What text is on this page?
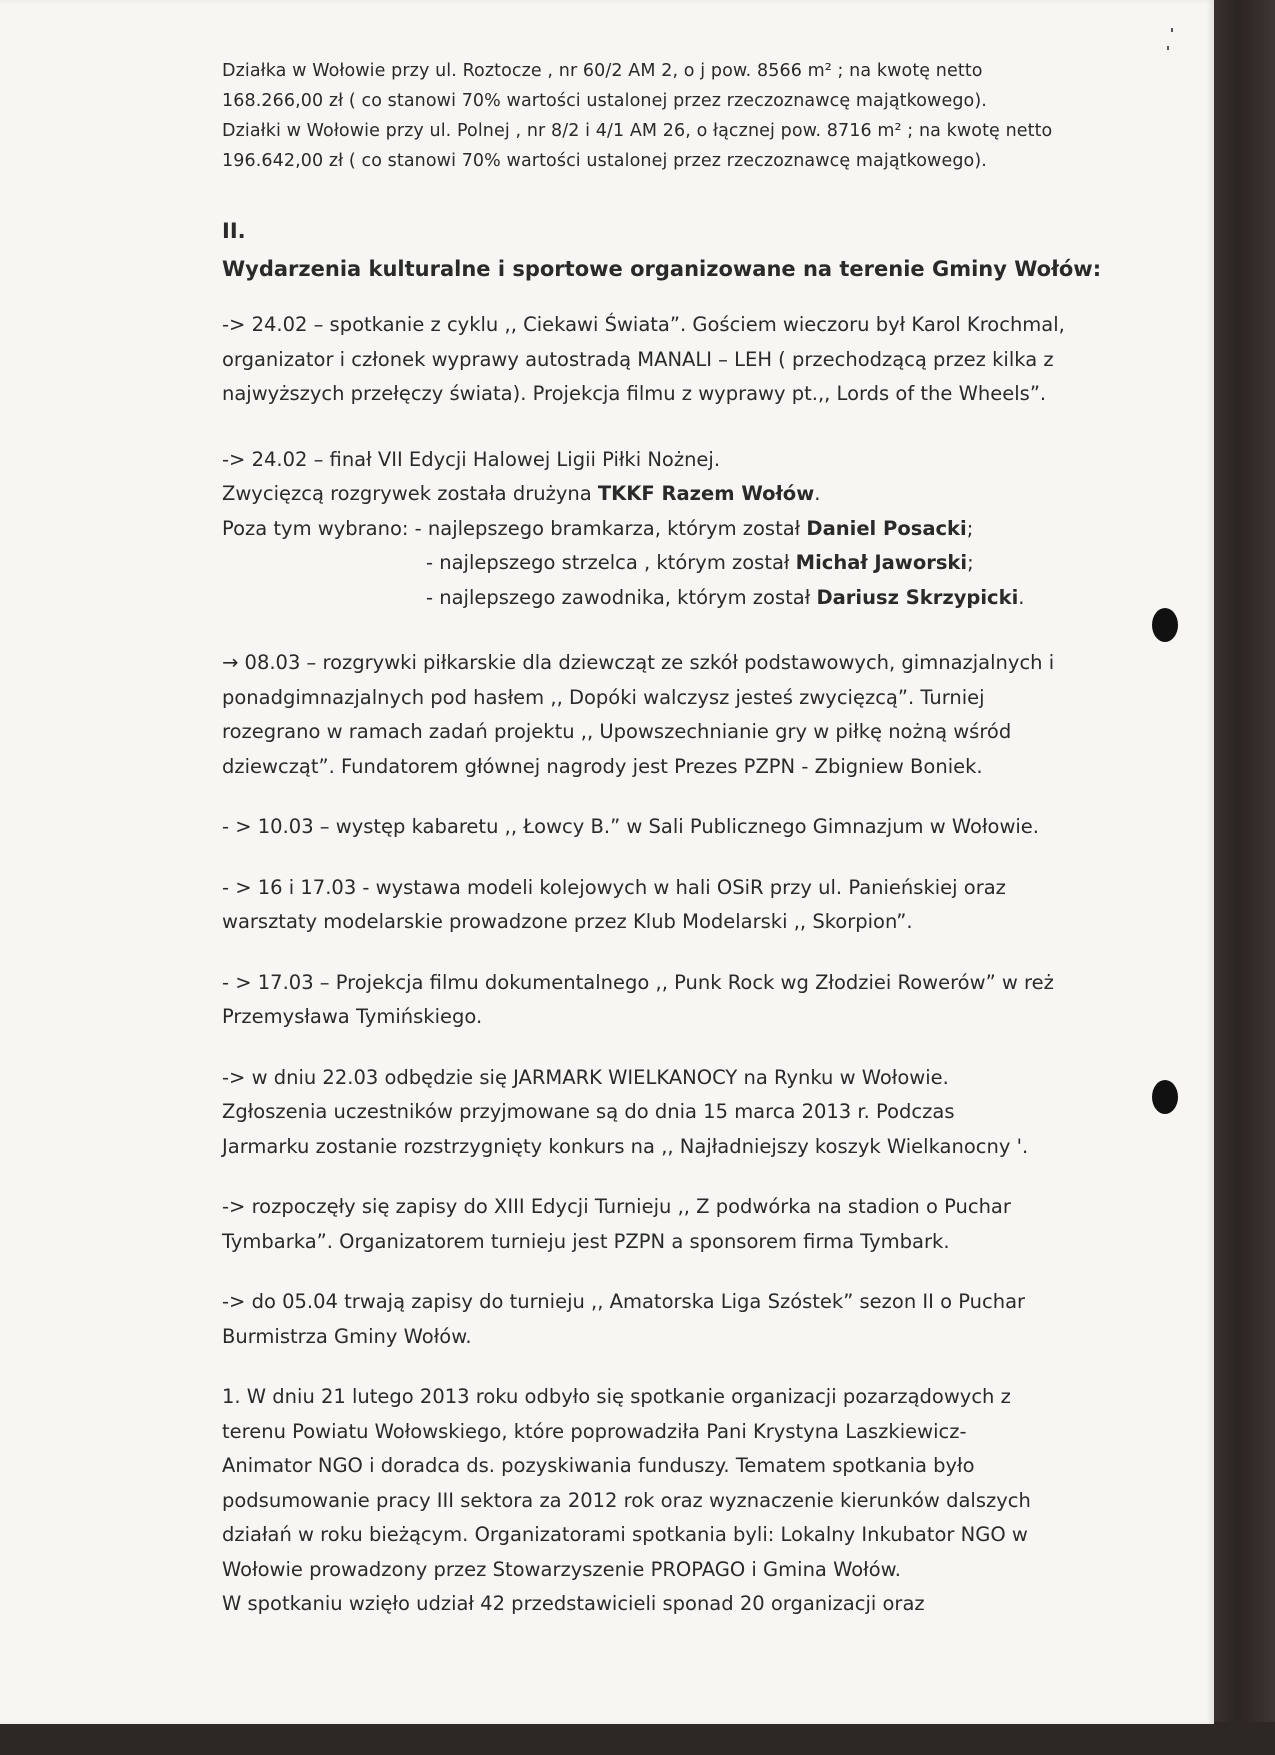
Działka w Wołowie przy ul. Roztocze , nr 60/2 AM 2, o j pow. 8566 m² ; na kwotę netto
168.266,00 zł ( co stanowi 70% wartości ustalonej przez rzeczoznawcę majątkowego).
Działki w Wołowie przy ul. Polnej , nr 8/2 i 4/1 AM 26, o łącznej pow. 8716 m² ; na kwotę netto
196.642,00 zł ( co stanowi 70% wartości ustalonej przez rzeczoznawcę majątkowego).
II.
Wydarzenia kulturalne i sportowe organizowane na terenie Gminy Wołów:
-> 24.02 – spotkanie z cyklu ,, Ciekawi Świata”. Gościem wieczoru był Karol Krochmal,
organizator i członek wyprawy autostradą MANALI – LEH ( przechodzącą przez kilka z
najwyższych przełęczy świata). Projekcja filmu z wyprawy pt.,, Lords of the Wheels”.
-> 24.02 – finał VII Edycji Halowej Ligii Piłki Nożnej.
Zwycięzcą rozgrywek została drużyna TKKF Razem Wołów.
Poza tym wybrano: - najlepszego bramkarza, którym został Daniel Posacki;
- najlepszego strzelca , którym został Michał Jaworski;
- najlepszego zawodnika, którym został Dariusz Skrzypicki.
→ 08.03 – rozgrywki piłkarskie dla dziewcząt ze szkół podstawowych, gimnazjalnych i
ponadgimnazjalnych pod hasłem ,, Dopóki walczysz jesteś zwycięzcą”. Turniej
rozegrano w ramach zadań projektu ,, Upowszechnianie gry w piłkę nożną wśród
dziewcząt”. Fundatorem głównej nagrody jest Prezes PZPN - Zbigniew Boniek.
- > 10.03 – występ kabaretu ,, Łowcy B.” w Sali Publicznego Gimnazjum w Wołowie.
- > 16 i 17.03 - wystawa modeli kolejowych w hali OSiR przy ul. Panieńskiej oraz
warsztaty modelarskie prowadzone przez Klub Modelarski ,, Skorpion”.
- > 17.03 – Projekcja filmu dokumentalnego ,, Punk Rock wg Złodziei Rowerów” w reż
Przemysława Tymińskiego.
-> w dniu 22.03 odbędzie się JARMARK WIELKANOCY na Rynku w Wołowie.
Zgłoszenia uczestników przyjmowane są do dnia 15 marca 2013 r. Podczas
Jarmarku zostanie rozstrzygnięty konkurs na ,, Najładniejszy koszyk Wielkanocny '.
-> rozpoczęły się zapisy do XIII Edycji Turnieju ,, Z podwórka na stadion o Puchar
Tymbarka”. Organizatorem turnieju jest PZPN a sponsorem firma Tymbark.
-> do 05.04 trwają zapisy do turnieju ,, Amatorska Liga Szóstek” sezon II o Puchar
Burmistrza Gminy Wołów.
1. W dniu 21 lutego 2013 roku odbyło się spotkanie organizacji pozarządowych z
terenu Powiatu Wołowskiego, które poprowadziła Pani Krystyna Laszkiewicz-
Animator NGO i doradca ds. pozyskiwania funduszy. Tematem spotkania było
podsumowanie pracy III sektora za 2012 rok oraz wyznaczenie kierunków dalszych
działań w roku bieżącym. Organizatorami spotkania byli: Lokalny Inkubator NGO w
Wołowie prowadzony przez Stowarzyszenie PROPAGO i Gmina Wołów.
W spotkaniu wzięło udział 42 przedstawicieli sponad 20 organizacji oraz
